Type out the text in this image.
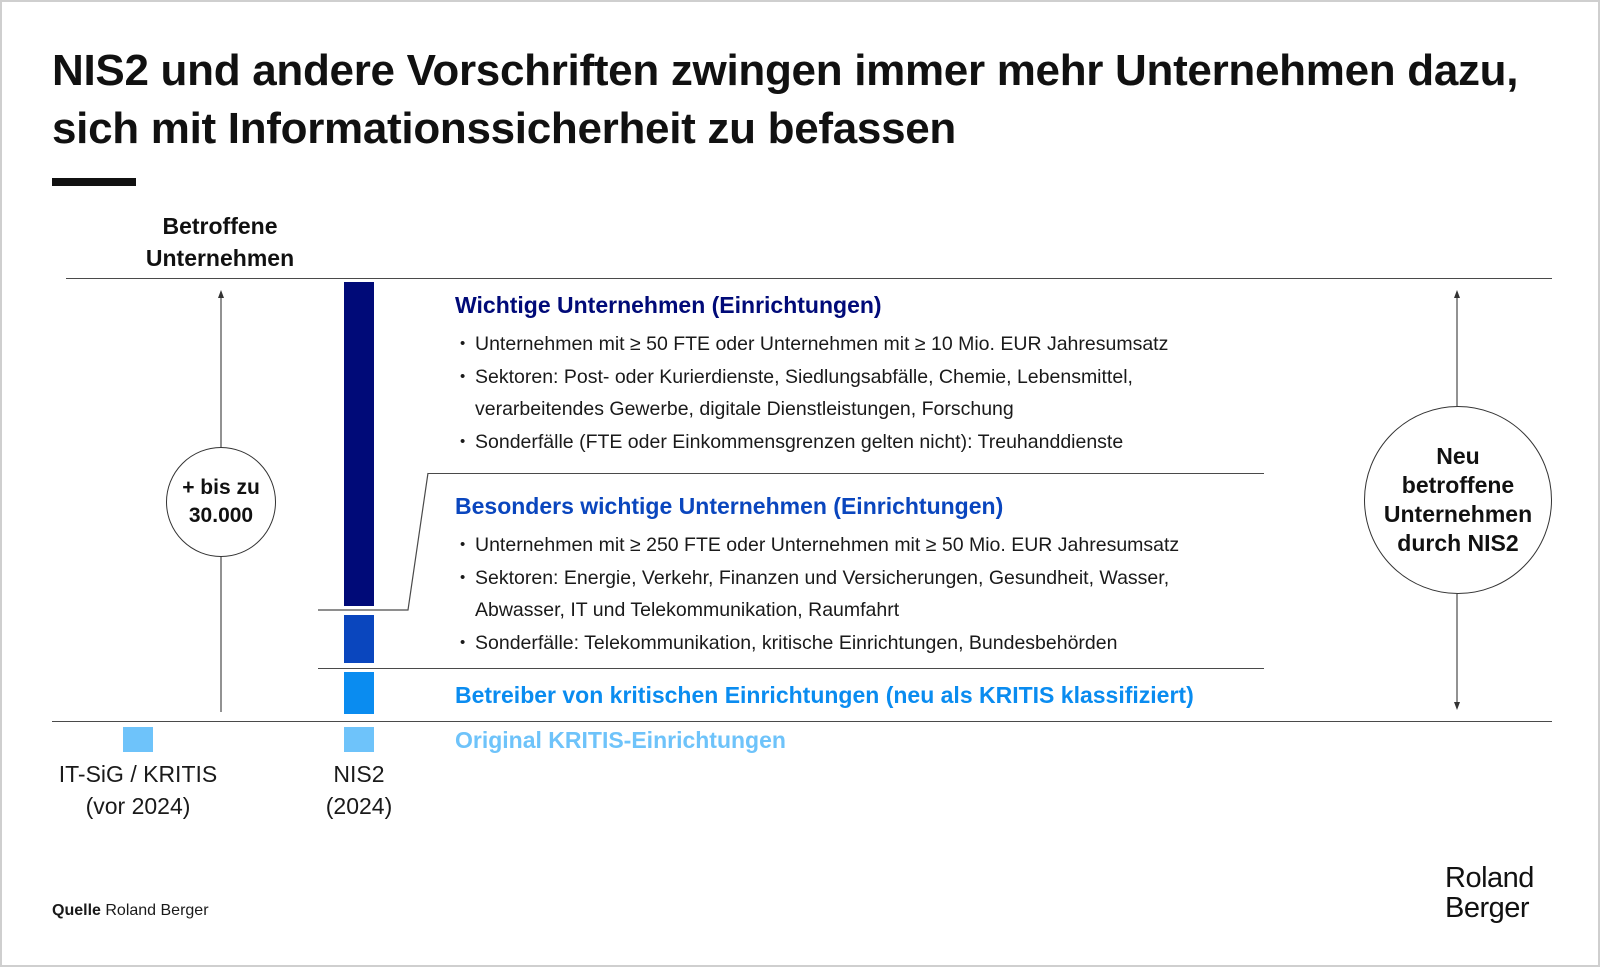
NIS2 und andere Vorschriften zwingen immer mehr Unternehmen dazu, sich mit Informationssicherheit zu befassen
Betroffene Unternehmen
+ bis zu
30.000
Neu
betroffene
Unternehmen
durch NIS2
Wichtige Unternehmen (Einrichtungen)
• Unternehmen mit ≥ 50 FTE oder Unternehmen mit ≥ 10 Mio. EUR Jahresumsatz
• Sektoren: Post- oder Kurierdienste, Siedlungsabfälle, Chemie, Lebensmittel, verarbeitendes Gewerbe, digitale Dienstleistungen, Forschung
• Sonderfälle (FTE oder Einkommensgrenzen gelten nicht): Treuhanddienste
Besonders wichtige Unternehmen (Einrichtungen)
• Unternehmen mit ≥ 250 FTE oder Unternehmen mit ≥ 50 Mio. EUR Jahresumsatz
• Sektoren: Energie, Verkehr, Finanzen und Versicherungen, Gesundheit, Wasser, Abwasser, IT und Telekommunikation, Raumfahrt
• Sonderfälle: Telekommunikation, kritische Einrichtungen, Bundesbehörden
Betreiber von kritischen Einrichtungen (neu als KRITIS klassifiziert)
Original KRITIS-Einrichtungen
IT-SiG / KRITIS
(vor 2024)
NIS2
(2024)
Quelle Roland Berger
Roland
Berger
